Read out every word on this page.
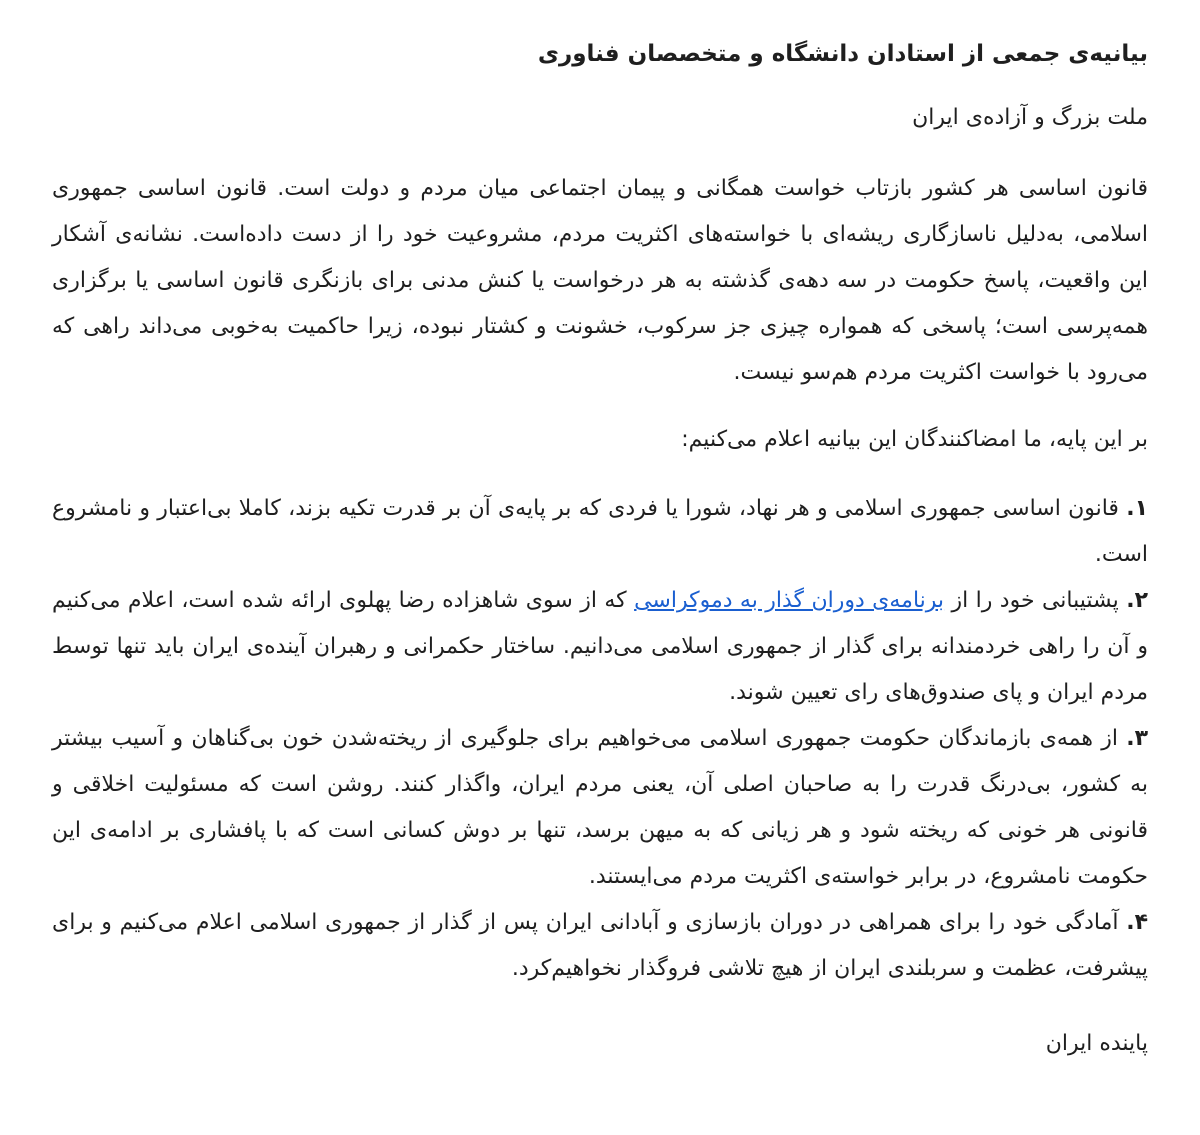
بیانیه‌ی جمعی از استادان دانشگاه و متخصصان فناوری
ملت بزرگ و آزاده‌ی ایران

قانون اساسی هر کشور بازتاب خواست همگانی و پیمان اجتماعی میان مردم و دولت است. قانون اساسی جمهوری اسلامی، به‌دلیل ناسازگاری ریشه‌ای با خواسته‌های اکثریت مردم، مشروعیت خود را از دست داده‌است. نشانه‌ی آشکار این واقعیت، پاسخ حکومت در سه دهه‌ی گذشته به هر درخواست یا کنش مدنی برای بازنگری قانون اساسی یا برگزاری همه‌پرسی است؛ پاسخی که همواره چیزی جز سرکوب، خشونت و کشتار نبوده، زیرا حاکمیت به‌خوبی می‌داند راهی که می‌رود با خواست اکثریت مردم هم‌سو نیست.

بر این پایه، ما امضاکنندگان این بیانیه اعلام می‌کنیم:

۱. قانون اساسی جمهوری اسلامی و هر نهاد، شورا یا فردی که بر پایه‌ی آن بر قدرت تکیه بزند، کاملا بی‌اعتبار و نامشروع است.

۲. پشتیبانی خود را از برنامه‌ی دوران گذار به دموکراسی که از سوی شاهزاده رضا پهلوی ارائه شده است، اعلام می‌کنیم و آن را راهی خردمندانه برای گذار از جمهوری اسلامی می‌دانیم. ساختار حکمرانی و رهبران آینده‌ی ایران باید تنها توسط مردم ایران و پای صندوق‌های رای تعیین شوند.

۳. از همه‌ی بازماندگان حکومت جمهوری اسلامی می‌خواهیم برای جلوگیری از ریخته‌شدن خون بی‌گناهان و آسیب بیشتر به کشور، بی‌درنگ قدرت را به صاحبان اصلی آن، یعنی مردم ایران، واگذار کنند. روشن است که مسئولیت اخلاقی و قانونی هر خونی که ریخته شود و هر زیانی که به میهن برسد، تنها بر دوش کسانی است که با پافشاری بر ادامه‌ی این حکومت نامشروع، در برابر خواسته‌ی اکثریت مردم می‌ایستند.

۴. آمادگی خود را برای همراهی در دوران بازسازی و آبادانی ایران پس از گذار از جمهوری اسلامی اعلام می‌کنیم و برای پیشرفت، عظمت و سربلندی ایران از هیچ تلاشی فروگذار نخواهیم‌کرد.

پاینده ایران
